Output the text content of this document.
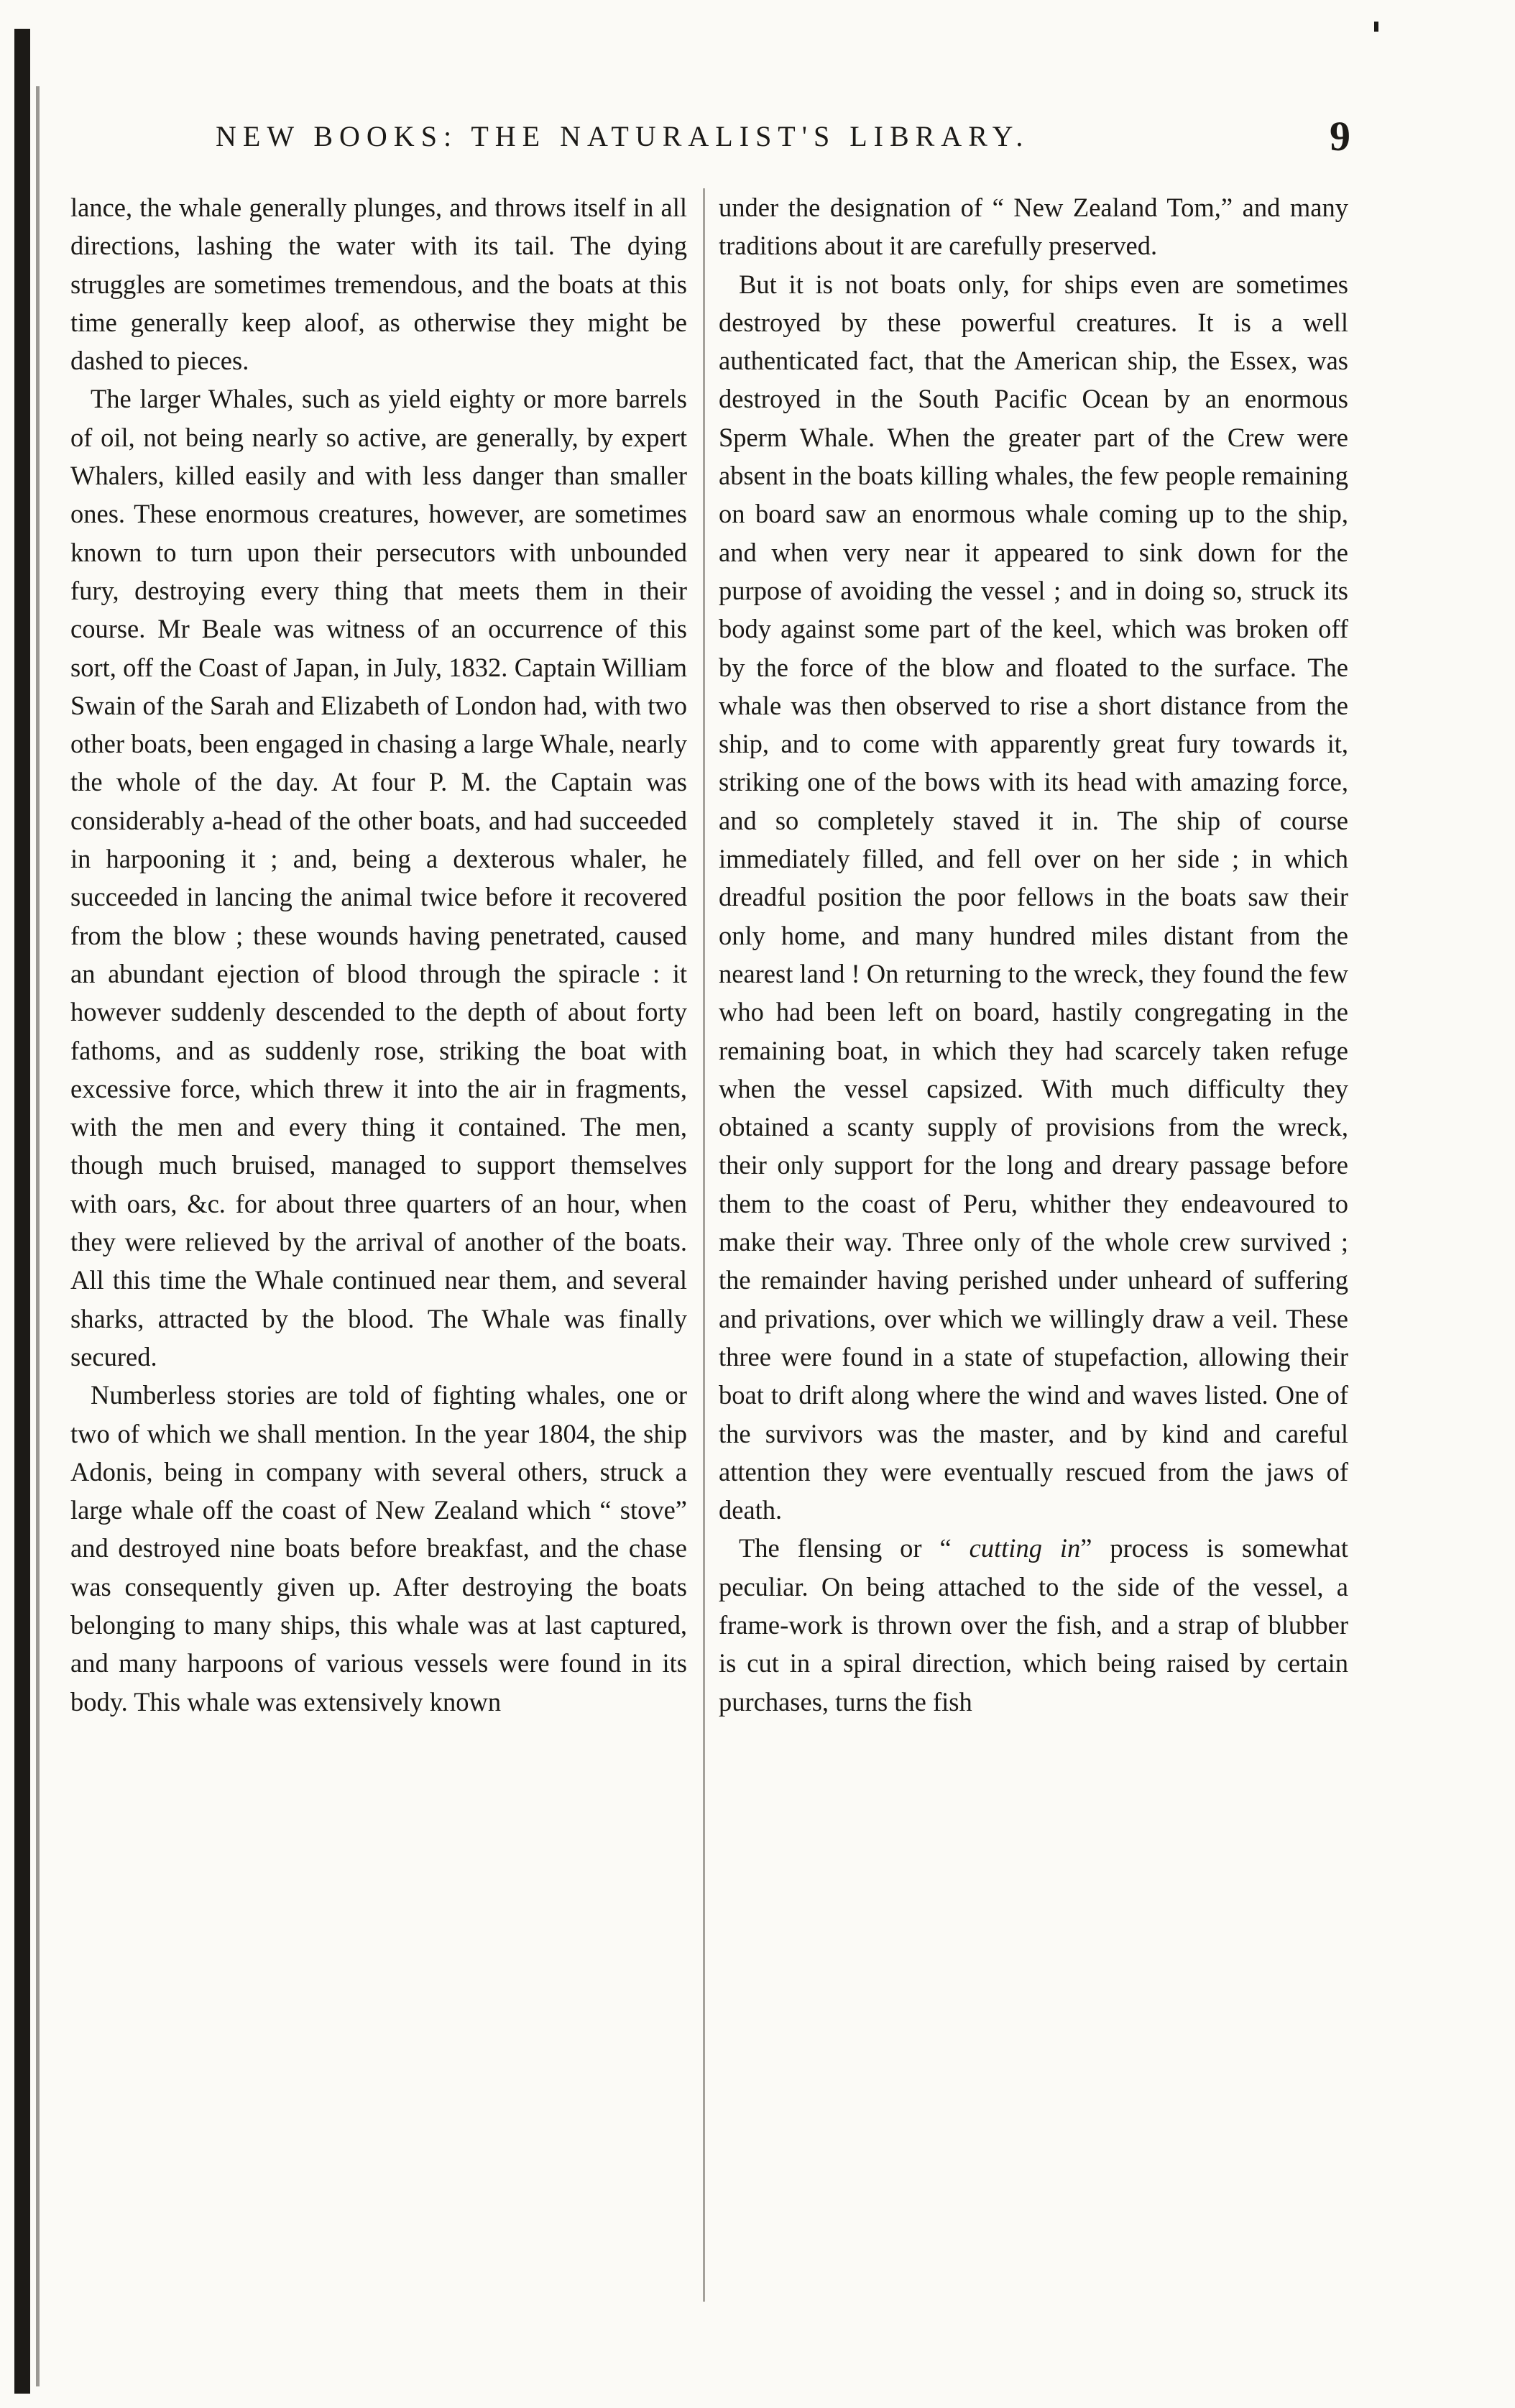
NEW BOOKS: THE NATURALIST'S LIBRARY.	9

lance, the whale generally plunges, and throws itself in all directions, lashing the water with its tail. The dying struggles are sometimes tremendous, and the boats at this time generally keep aloof, as otherwise they might be dashed to pieces.

The larger Whales, such as yield eighty or more barrels of oil, not being nearly so active, are generally, by expert Whalers, killed easily and with less danger than smaller ones. These enormous creatures, however, are sometimes known to turn upon their persecutors with unbounded fury, destroying every thing that meets them in their course. Mr Beale was witness of an occurrence of this sort, off the Coast of Japan, in July, 1832. Captain William Swain of the Sarah and Elizabeth of London had, with two other boats, been engaged in chasing a large Whale, nearly the whole of the day. At four P. M. the Captain was considerably a-head of the other boats, and had succeeded in harpooning it ; and, being a dexterous whaler, he succeeded in lancing the animal twice before it recovered from the blow ; these wounds having penetrated, caused an abundant ejection of blood through the spiracle : it however suddenly descended to the depth of about forty fathoms, and as suddenly rose, striking the boat with excessive force, which threw it into the air in fragments, with the men and every thing it contained. The men, though much bruised, managed to support themselves with oars, &c. for about three quarters of an hour, when they were relieved by the arrival of another of the boats. All this time the Whale continued near them, and several sharks, attracted by the blood. The Whale was finally secured.

Numberless stories are told of fighting whales, one or two of which we shall mention. In the year 1804, the ship Adonis, being in company with several others, struck a large whale off the coast of New Zealand which “ stove” and destroyed nine boats before breakfast, and the chase was consequently given up. After destroying the boats belonging to many ships, this whale was at last captured, and many harpoons of various vessels were found in its body. This whale was extensively known

under the designation of “ New Zealand Tom,” and many traditions about it are carefully preserved.

But it is not boats only, for ships even are sometimes destroyed by these powerful creatures. It is a well authenticated fact, that the American ship, the Essex, was destroyed in the South Pacific Ocean by an enormous Sperm Whale. When the greater part of the Crew were absent in the boats killing whales, the few people remaining on board saw an enormous whale coming up to the ship, and when very near it appeared to sink down for the purpose of avoiding the vessel ; and in doing so, struck its body against some part of the keel, which was broken off by the force of the blow and floated to the surface. The whale was then observed to rise a short distance from the ship, and to come with apparently great fury towards it, striking one of the bows with its head with amazing force, and so completely staved it in. The ship of course immediately filled, and fell over on her side ; in which dreadful position the poor fellows in the boats saw their only home, and many hundred miles distant from the nearest land ! On returning to the wreck, they found the few who had been left on board, hastily congregating in the remaining boat, in which they had scarcely taken refuge when the vessel capsized. With much difficulty they obtained a scanty supply of provisions from the wreck, their only support for the long and dreary passage before them to the coast of Peru, whither they endeavoured to make their way. Three only of the whole crew survived ; the remainder having perished under unheard of suffering and privations, over which we willingly draw a veil. These three were found in a state of stupefaction, allowing their boat to drift along where the wind and waves listed. One of the survivors was the master, and by kind and careful attention they were eventually rescued from the jaws of death.

The flensing or “ cutting in” process is somewhat peculiar. On being attached to the side of the vessel, a frame-work is thrown over the fish, and a strap of blubber is cut in a spiral direction, which being raised by certain purchases, turns the fish
